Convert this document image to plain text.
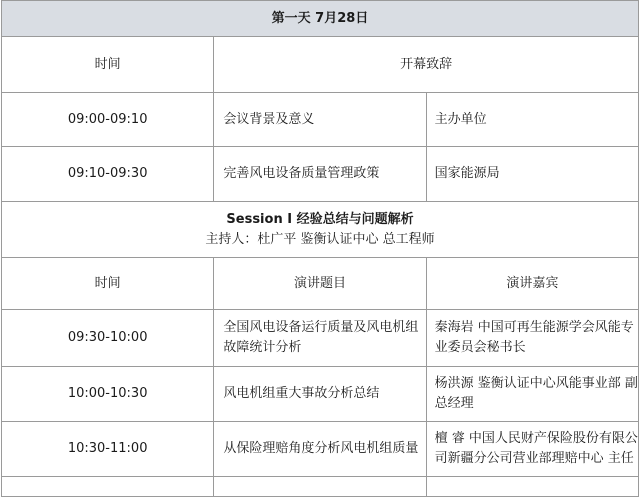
第一天 7月28日		
时间	开幕致辞	
09:00-09:10	会议背景及意义	主办单位
09:10-09:30	完善风电设备质量管理政策	国家能源局

Session Ⅰ 经验总结与问题解析
主持人：杜广平 鉴衡认证中心 总工程师		

时间	演讲题目	演讲嘉宾
09:30-10:00	全国风电设备运行质量及风电机组故障统计分析	秦海岩 中国可再生能源学会风能专业委员会秘书长
10:00-10:30	风电机组重大事故分析总结	杨洪源 鉴衡认证中心风能事业部 副总经理
10:30-11:00	从保险理赔角度分析风电机组质量	檀 睿 中国人民财产保险股份有限公司新疆分公司营业部理赔中心 主任
